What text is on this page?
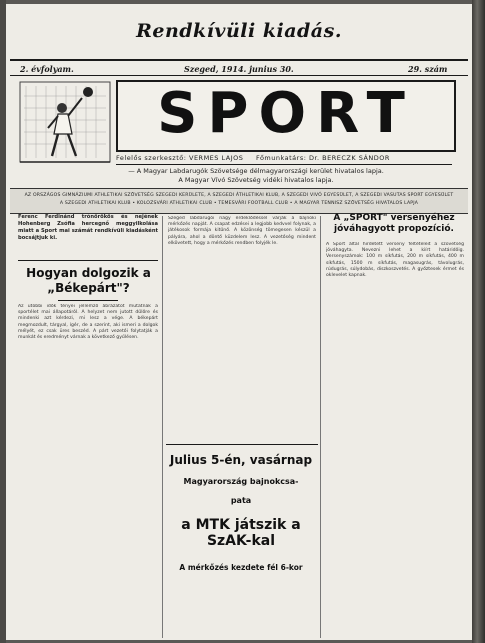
Rendkívüli kiadás.
2. évfolyam.	Szeged, 1914. junius 30.	29. szám
SPORT
Felelős szerkesztő: VERMES LAJOS Főmunkatárs: Dr. BERECZK SÁNDOR
— A Magyar Labdarugók Szövetsége délmagyarországi kerület hivatalos lapja.
A Magyar Vívó Szövetség vidéki hivatalos lapja.
AZ ORSZÁGOS GIMNÁZIUMI ATHLETIKAI SZÖVETSÉG SZEGEDI KERÜLETE, A SZEGEDI ÁTHLETIKAI KLUB, A SZEGEDI VIVÓ EGYESÜLET, A SZEGEDI VASUTAS SPORT EGYESÜLET
A SZEGEDI ATHLETIKAI KLUB • KOLOZSVÁRI ATHLETIKAI CLUB • TEMESVÁRI FOOTBALL CLUB • A MAGYAR TENNISZ SZÖVETSÉG HIVATALOS LAPJA
Ferenc Ferdinánd trónörökös és nejének Hohenberg Zsófia hercegnő meggyilkolása miatt a Sport mai számát rendkívüli kiadásként bocsájtjuk ki.
Hogyan dolgozik a „Békepárt"?
Az utóbbi idők tényei jellemző ábrázatot mutatnak a sportélet mai állapotáról. A helyzet nem jutott dűlőre és mindenki azt kérdezi, mi lesz a vége. A békepárt megmozdult, tárgyal, ígér, de a szerint, aki ismeri a dolgok mélyét, ez csak üres beszéd. A párt vezetői folytatják a munkát és eredményt várnak a következő gyűlésen.
Szeged labdarugói nagy érdeklődéssel várják a bajnoki mérkőzés napját. A csapat edzései a legjobb kedvvel folynak, a játékosok formája kitűnő. A közönség tömegesen készül a pályára, ahol a döntő küzdelem lesz. A vezetőség mindent elkövetett, hogy a mérkőzés rendben folyjék le.
Julius 5-én, vasárnap
Magyarország bajnokcsa-
pata
a MTK játszik a SzAK-kal
A mérkőzés kezdete fél 6-kor
A „SPORT" versenyéhez jóváhagyott propozíció.
A Sport által hirdetett verseny feltételeit a szövetség jóváhagyta. Nevezni lehet a kiírt határidőig. Versenyszámok: 100 m síkfutás, 200 m síkfutás, 400 m síkfutás, 1500 m síkfutás, magasugrás, távolugrás, rúdugrás, súlydobás, diszkoszvetés. A győztesek érmet és oklevelet kapnak.
